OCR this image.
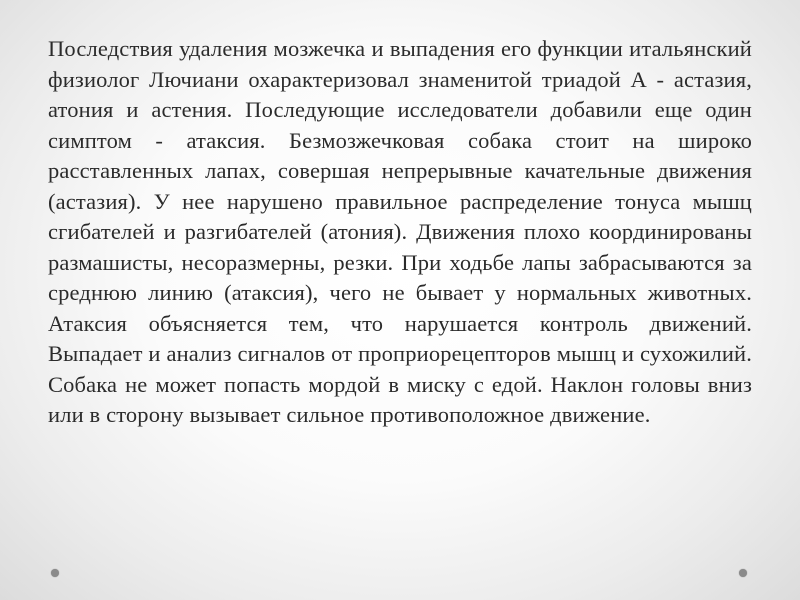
Последствия удаления мозжечка и выпадения его функции итальянский физиолог Лючиани охарактеризовал знаменитой триадой А - астазия, атония и астения. Последующие исследователи добавили еще один симптом - атаксия. Безмозжечковая собака стоит на широко расставленных лапах, совершая непрерывные качательные движения (астазия). У нее нарушено правильное распределение тонуса мышц сгибателей и разгибателей (атония). Движения плохо координированы размашисты, несоразмерны, резки. При ходьбе лапы забрасываются за среднюю линию (атаксия), чего не бывает у нормальных животных. Атаксия объясняется тем, что нарушается контроль движений. Выпадает и анализ сигналов от проприорецепторов мышц и сухожилий. Собака не может попасть мордой в миску с едой. Наклон головы вниз или в сторону вызывает сильное противоположное движение.
